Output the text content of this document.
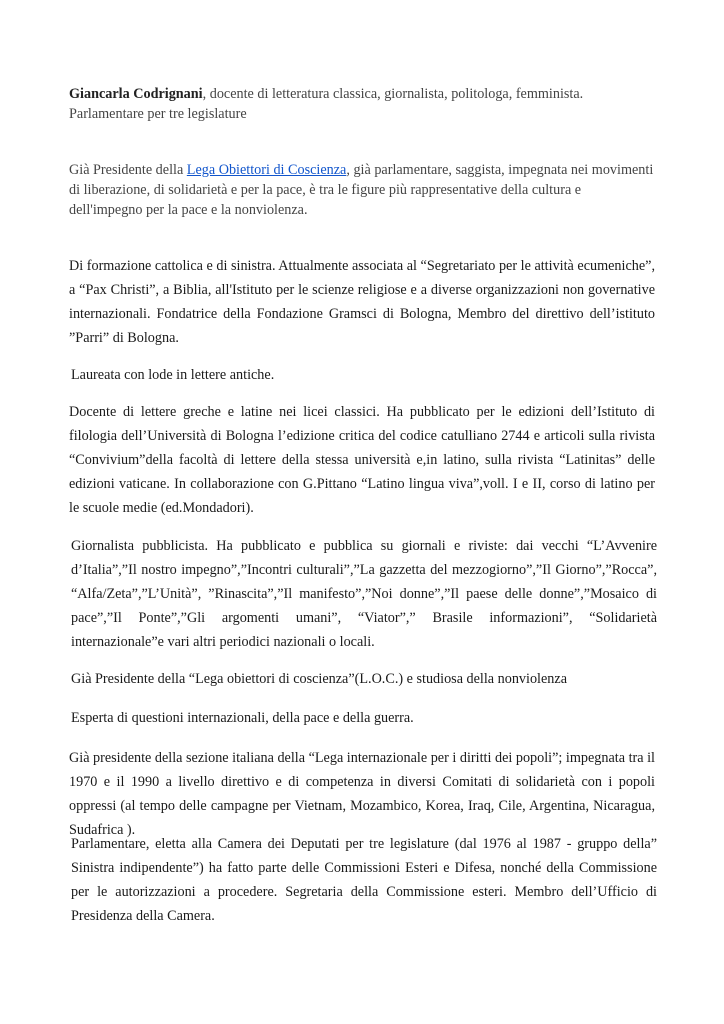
Giancarla Codrignani, docente di letteratura classica, giornalista, politologa, femminista. Parlamentare per tre legislature

Già Presidente della Lega Obiettori di Coscienza, già parlamentare, saggista, impegnata nei movimenti di liberazione, di solidarietà e per la pace, è tra le figure più rappresentative della cultura e dell'impegno per la pace e la nonviolenza.

Di formazione cattolica e di sinistra. Attualmente associata al “Segretariato per le attività ecumeniche”, a “Pax Christi”, a Biblia, all'Istituto per le scienze religiose e a diverse organizzazioni non governative internazionali. Fondatrice della Fondazione Gramsci di Bologna, Membro del direttivo dell’istituto ”Parri” di Bologna.

Laureata con lode in lettere antiche.

Docente di lettere greche e latine nei licei classici. Ha pubblicato per le edizioni dell’Istituto di filologia dell’Università di Bologna l’edizione critica del codice catulliano 2744 e articoli sulla rivista “Convivium”della facoltà di lettere della stessa università e,in latino, sulla rivista “Latinitas” delle edizioni vaticane. In collaborazione con G.Pittano “Latino lingua viva”,voll. I e II, corso di latino per le scuole medie (ed.Mondadori).

Giornalista pubblicista. Ha pubblicato e pubblica su giornali e riviste: dai vecchi “L’Avvenire d’Italia”,”Il nostro impegno”,”Incontri culturali”,”La gazzetta del mezzogiorno”,”Il Giorno”,”Rocca”, “Alfa/Zeta”,”L’Unità”, ”Rinascita”,”Il manifesto”,”Noi donne”,”Il paese delle donne”,”Mosaico di pace”,”Il Ponte”,”Gli argomenti umani”, “Viator”,” Brasile informazioni”, “Solidarietà internazionale”e vari altri periodici nazionali o locali.

Già Presidente della “Lega obiettori di coscienza”(L.O.C.) e studiosa della nonviolenza

Esperta di questioni internazionali, della pace e della guerra.

Già presidente della sezione italiana della “Lega internazionale per i diritti dei popoli”; impegnata tra il 1970 e il 1990 a livello direttivo e di competenza in diversi Comitati di solidarietà con i popoli oppressi (al tempo delle campagne per Vietnam, Mozambico, Korea, Iraq, Cile, Argentina, Nicaragua, Sudafrica ).

Parlamentare, eletta alla Camera dei Deputati per tre legislature (dal 1976 al 1987 - gruppo della” Sinistra indipendente”) ha fatto parte delle Commissioni Esteri e Difesa, nonché della Commissione per le autorizzazioni a procedere. Segretaria della Commissione esteri. Membro dell’Ufficio di Presidenza della Camera.
